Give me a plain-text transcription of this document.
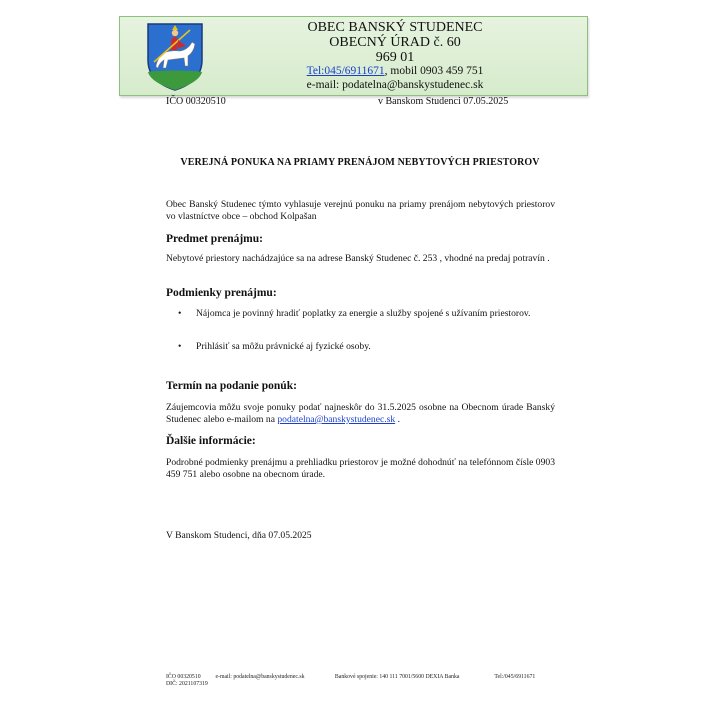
OBEC BANSKÝ STUDENEC
OBECNÝ ÚRAD č. 60
969 01
Tel:045/6911671, mobil 0903 459 751
e-mail: podatelna@banskystudenec.sk
IČO 00320510	v Banskom Studenci 07.05.2025
VEREJNÁ PONUKA NA PRIAMY PRENÁJOM NEBYTOVÝCH PRIESTOROV
Obec Banský Studenec týmto vyhlasuje verejnú ponuku na priamy prenájom nebytových priestorov vo vlastníctve obce – obchod Kolpašan
Predmet prenájmu:
Nebytové priestory nachádzajúce sa na adrese Banský Studenec č. 253 , vhodné na predaj potravín .
Podmienky prenájmu:
• Nájomca je povinný hradiť poplatky za energie a služby spojené s užívaním priestorov.
• Prihlásiť sa môžu právnické aj fyzické osoby.
Termín na podanie ponúk:
Záujemcovia môžu svoje ponuky podať najneskôr do 31.5.2025 osobne na Obecnom úrade Banský Studenec alebo e-mailom na podatelna@banskystudenec.sk .
Ďalšie informácie:
Podrobné podmienky prenájmu a prehliadku priestorov je možné dohodnúť na telefónnom čísle 0903 459 751 alebo osobne na obecnom úrade.
V Banskom Studenci, dňa 07.05.2025
IČO 00320510	e-mail: podatelna@banskystudenec.sk	Bankové spojenie: 140 111 7001/5600 DEXIA Banka	Tel:/045/6911671
DIČ: 2021107319
